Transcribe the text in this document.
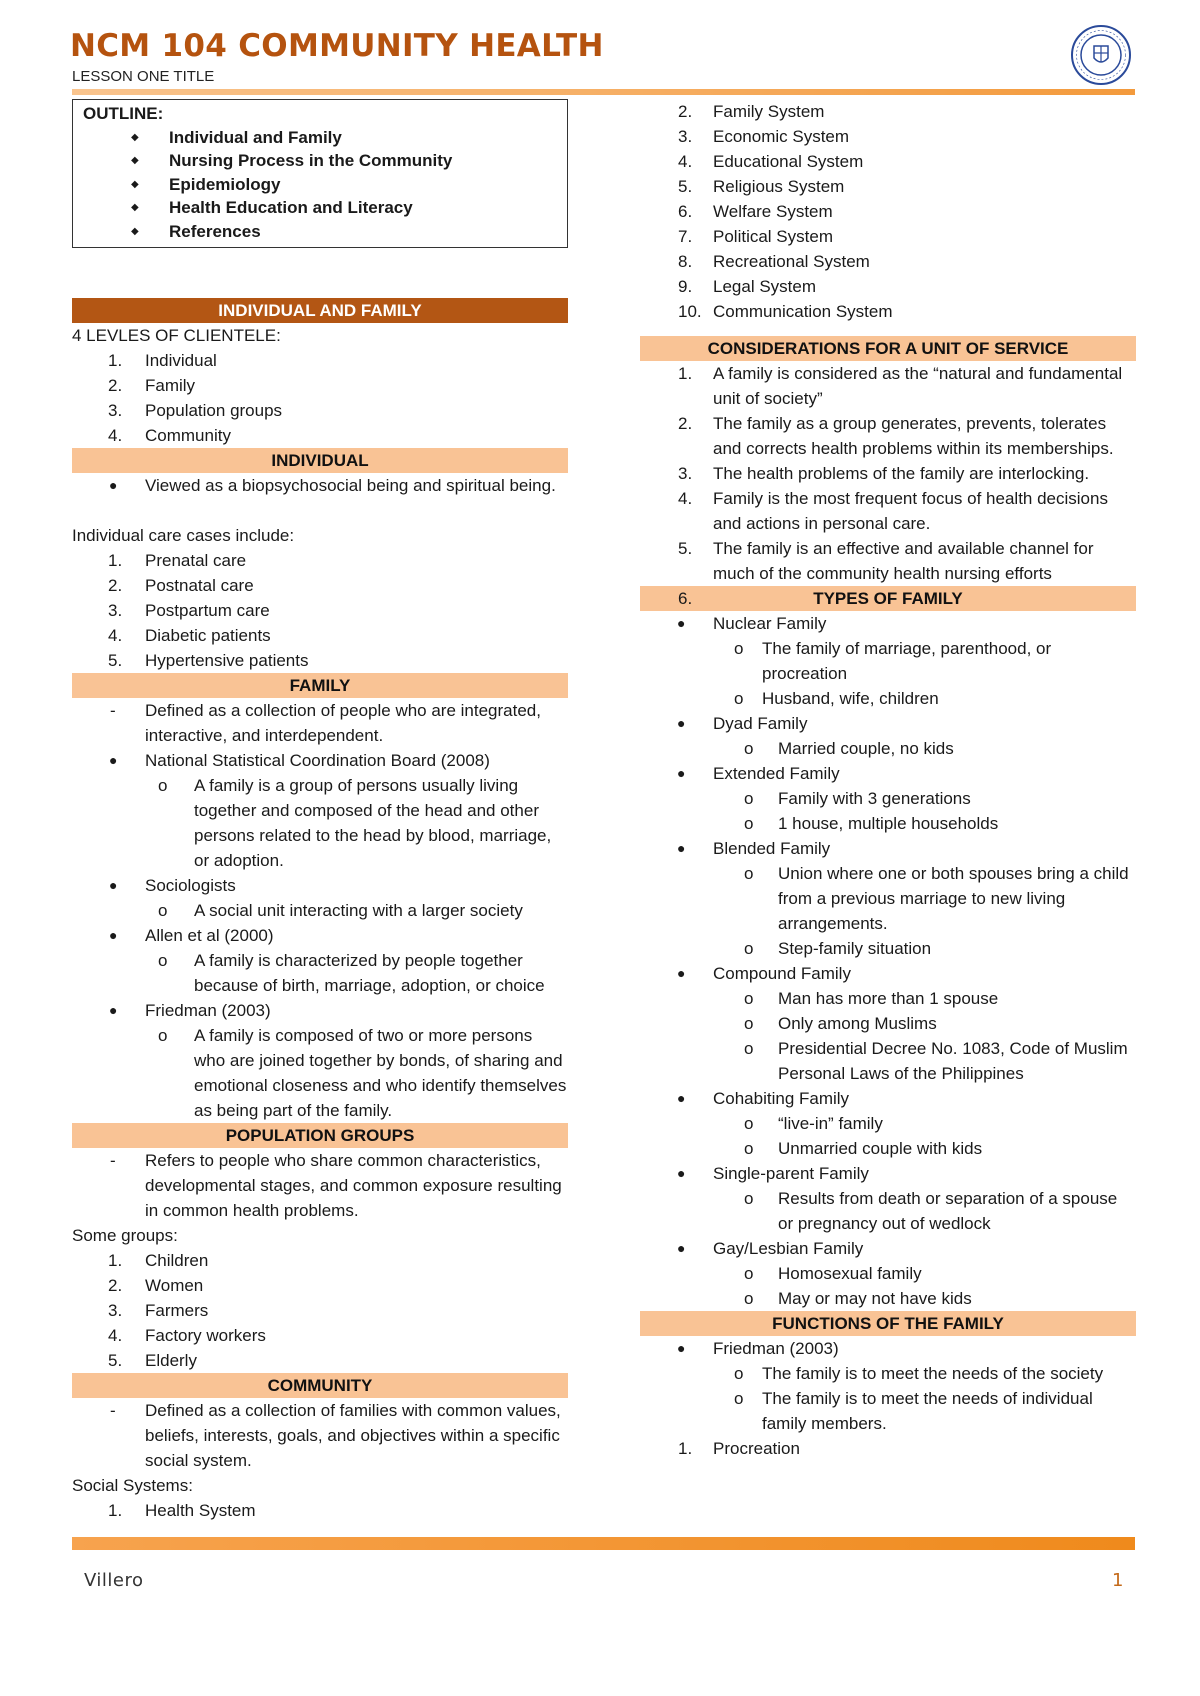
NCM 104 COMMUNITY HEALTH
LESSON ONE TITLE
OUTLINE:
◆ Individual and Family
◆ Nursing Process in the Community
◆ Epidemiology
◆ Health Education and Literacy
◆ References
INDIVIDUAL AND FAMILY
4 LEVLES OF CLIENTELE:
1.	Individual
2.	Family
3.	Population groups
4.	Community
INDIVIDUAL
● Viewed as a biopsychosocial being and spiritual being.
Individual care cases include:
1.	Prenatal care
2.	Postnatal care
3.	Postpartum care
4.	Diabetic patients
5.	Hypertensive patients
FAMILY
- Defined as a collection of people who are integrated, interactive, and interdependent.
● National Statistical Coordination Board (2008)
o A family is a group of persons usually living together and composed of the head and other persons related to the head by blood, marriage, or adoption.
● Sociologists
o A social unit interacting with a larger society
● Allen et al (2000)
o A family is characterized by people together because of birth, marriage, adoption, or choice
● Friedman (2003)
o A family is composed of two or more persons who are joined together by bonds, of sharing and emotional closeness and who identify themselves as being part of the family.
POPULATION GROUPS
- Refers to people who share common characteristics, developmental stages, and common exposure resulting in common health problems.
Some groups:
1.	Children
2.	Women
3.	Farmers
4.	Factory workers
5.	Elderly
COMMUNITY
- Defined as a collection of families with common values, beliefs, interests, goals, and objectives within a specific social system.
Social Systems:
1.	Health System
2.	Family System
3.	Economic System
4.	Educational System
5.	Religious System
6.	Welfare System
7.	Political System
8.	Recreational System
9.	Legal System
10. Communication System
CONSIDERATIONS FOR A UNIT OF SERVICE
1.	A family is considered as the “natural and fundamental unit of society”
2.	The family as a group generates, prevents, tolerates and corrects health problems within its memberships.
3.	The health problems of the family are interlocking.
4.	Family is the most frequent focus of health decisions and actions in personal care.
5.	The family is an effective and available channel for much of the community health nursing efforts
6.	TYPES OF FAMILY
● Nuclear Family
o The family of marriage, parenthood, or procreation
o Husband, wife, children
● Dyad Family
o Married couple, no kids
● Extended Family
o Family with 3 generations
o 1 house, multiple households
● Blended Family
o Union where one or both spouses bring a child from a previous marriage to new living arrangements.
o Step-family situation
● Compound Family
o Man has more than 1 spouse
o Only among Muslims
o Presidential Decree No. 1083, Code of Muslim Personal Laws of the Philippines
● Cohabiting Family
o “live-in” family
o Unmarried couple with kids
● Single-parent Family
o Results from death or separation of a spouse or pregnancy out of wedlock
● Gay/Lesbian Family
o Homosexual family
o May or may not have kids
FUNCTIONS OF THE FAMILY
● Friedman (2003)
o The family is to meet the needs of the society
o The family is to meet the needs of individual family members.
1.	Procreation
Villero	1
